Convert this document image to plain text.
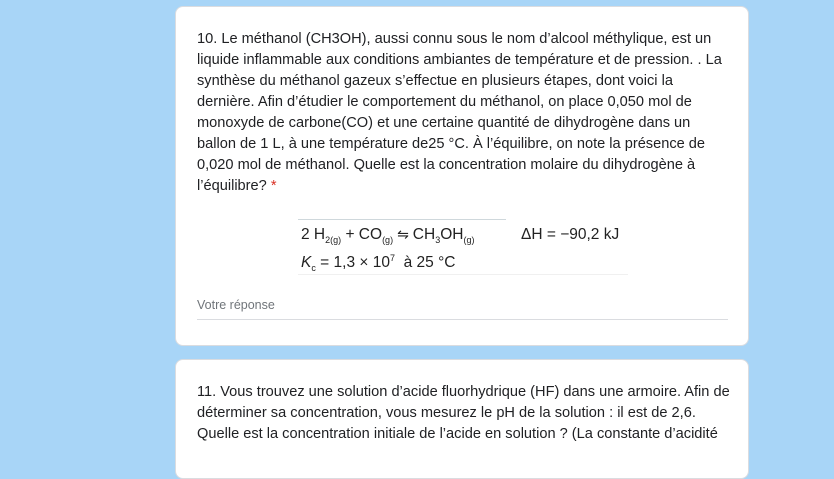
10. Le méthanol (CH3OH), aussi connu sous le nom d’alcool méthylique, est un liquide inflammable aux conditions ambiantes de température et de pression. . La synthèse du méthanol gazeux s’effectue en plusieurs étapes, dont voici la dernière. Afin d’étudier le comportement du méthanol, on place 0,050 mol de monoxyde de carbone(CO) et une certaine quantité de dihydrogène dans un ballon de 1 L, à une température de25 °C. À l’équilibre, on note la présence de 0,020 mol de méthanol. Quelle est la concentration molaire du dihydrogène à l’équilibre? *
2 $H_{2(g)} + CO_{(g)}$ ⇋ $CH_3OH_{(g)}$	ΔH = −90,2 kJ
$K_c = 1,3 \times 10^7$ à 25 °C
Votre réponse
11. Vous trouvez une solution d’acide fluorhydrique (HF) dans une armoire. Afin de déterminer sa concentration, vous mesurez le pH de la solution : il est de 2,6. Quelle est la concentration initiale de l’acide en solution ? (La constante d’acidité
